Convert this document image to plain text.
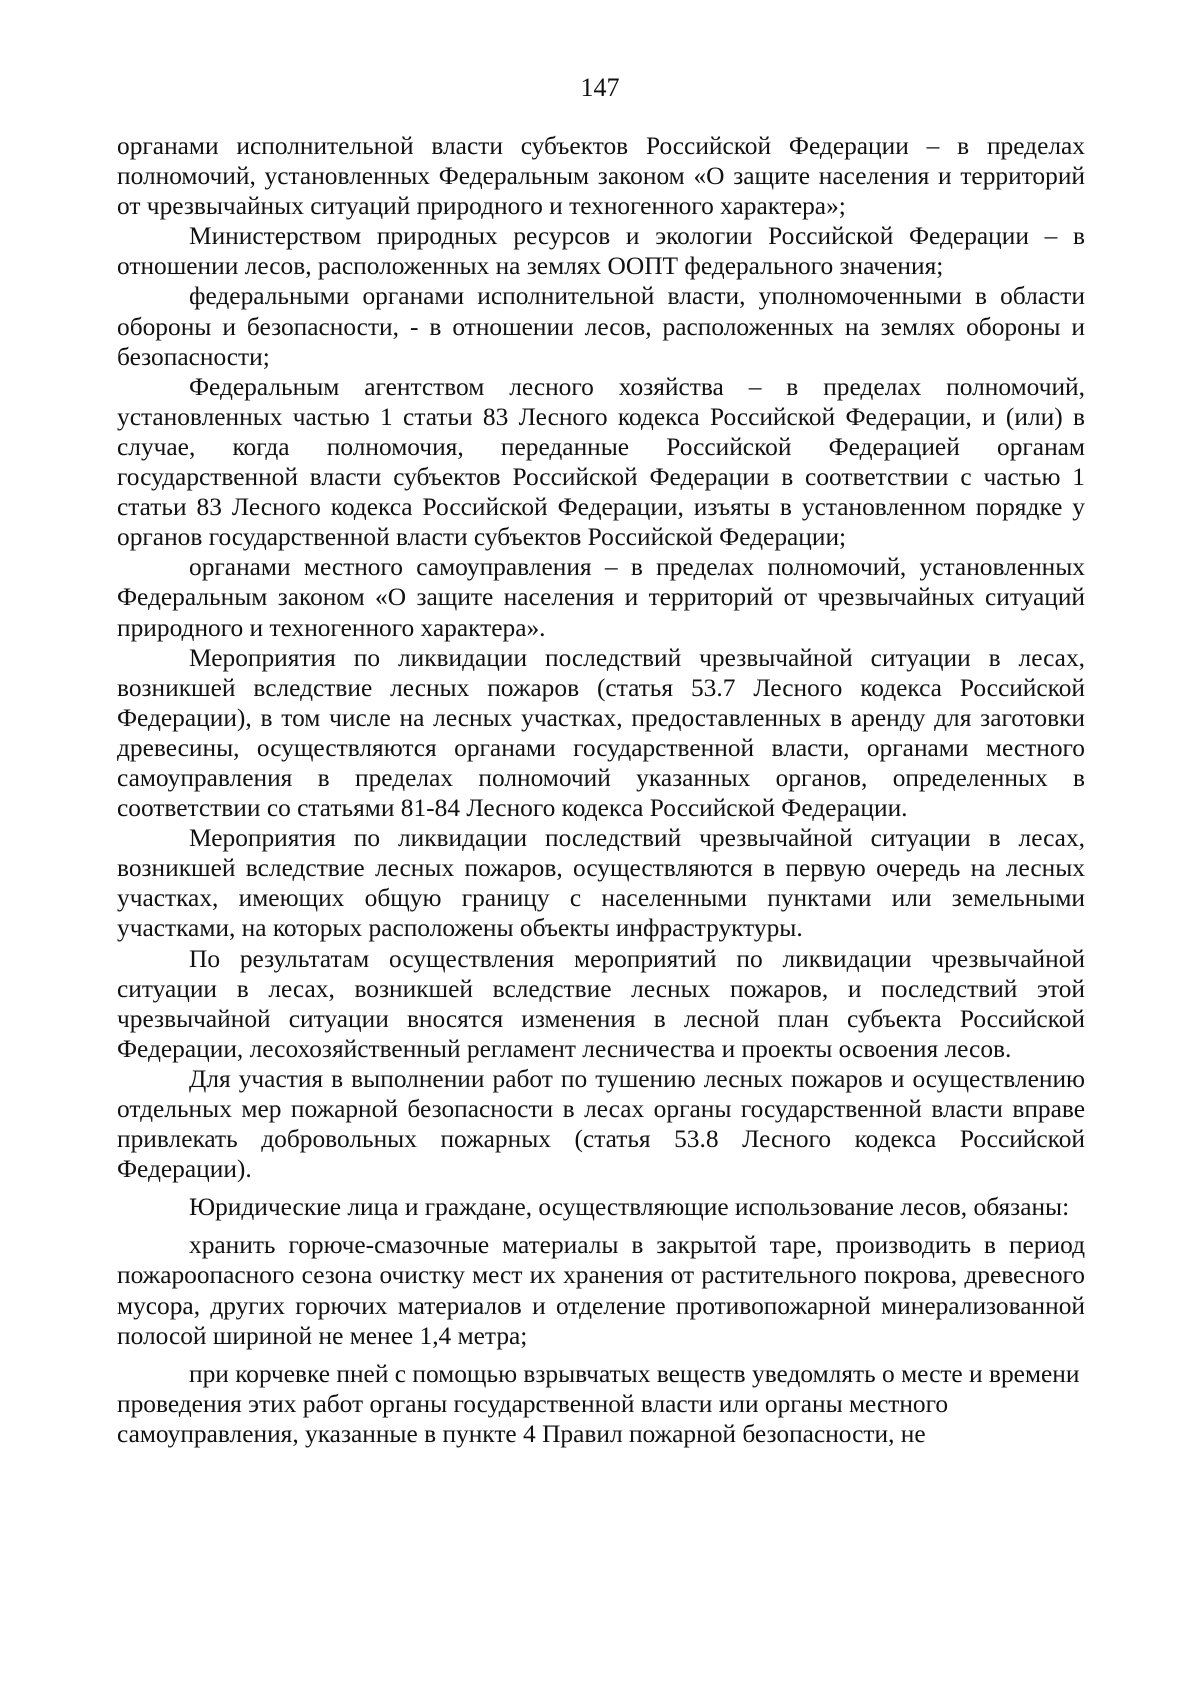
147

органами исполнительной власти субъектов Российской Федерации – в пределах полномочий, установленных Федеральным законом «О защите населения и территорий от чрезвычайных ситуаций природного и техногенного характера»;

Министерством природных ресурсов и экологии Российской Федерации – в отношении лесов, расположенных на землях ООПТ федерального значения;

федеральными органами исполнительной власти, уполномоченными в области обороны и безопасности, - в отношении лесов, расположенных на землях обороны и безопасности;

Федеральным агентством лесного хозяйства – в пределах полномочий, установленных частью 1 статьи 83 Лесного кодекса Российской Федерации, и (или) в случае, когда полномочия, переданные Российской Федерацией органам государственной власти субъектов Российской Федерации в соответствии с частью 1 статьи 83 Лесного кодекса Российской Федерации, изъяты в установленном порядке у органов государственной власти субъектов Российской Федерации;

органами местного самоуправления – в пределах полномочий, установленных Федеральным законом «О защите населения и территорий от чрезвычайных ситуаций природного и техногенного характера».

Мероприятия по ликвидации последствий чрезвычайной ситуации в лесах, возникшей вследствие лесных пожаров (статья 53.7 Лесного кодекса Российской Федерации), в том числе на лесных участках, предоставленных в аренду для заготовки древесины, осуществляются органами государственной власти, органами местного самоуправления в пределах полномочий указанных органов, определенных в соответствии со статьями 81-84 Лесного кодекса Российской Федерации.

Мероприятия по ликвидации последствий чрезвычайной ситуации в лесах, возникшей вследствие лесных пожаров, осуществляются в первую очередь на лесных участках, имеющих общую границу с населенными пунктами или земельными участками, на которых расположены объекты инфраструктуры.

По результатам осуществления мероприятий по ликвидации чрезвычайной ситуации в лесах, возникшей вследствие лесных пожаров, и последствий этой чрезвычайной ситуации вносятся изменения в лесной план субъекта Российской Федерации, лесохозяйственный регламент лесничества и проекты освоения лесов.

Для участия в выполнении работ по тушению лесных пожаров и осуществлению отдельных мер пожарной безопасности в лесах органы государственной власти вправе привлекать добровольных пожарных (статья 53.8 Лесного кодекса Российской Федерации).

Юридические лица и граждане, осуществляющие использование лесов, обязаны:

хранить горюче-смазочные материалы в закрытой таре, производить в период пожароопасного сезона очистку мест их хранения от растительного покрова, древесного мусора, других горючих материалов и отделение противопожарной минерализованной полосой шириной не менее 1,4 метра;

при корчевке пней с помощью взрывчатых веществ уведомлять о месте и времени проведения этих работ органы государственной власти или органы местного самоуправления, указанные в пункте 4 Правил пожарной безопасности, не
